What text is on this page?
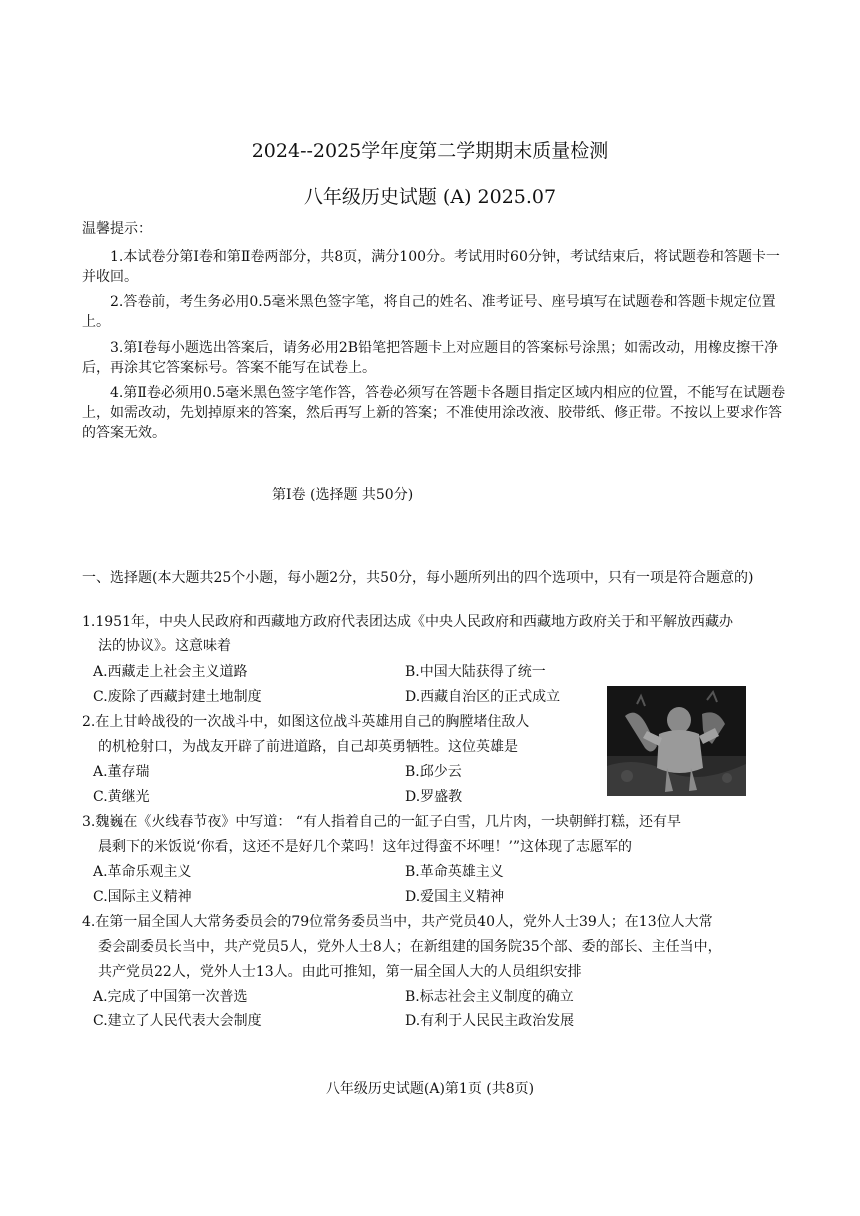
2024--2025学年度第二学期期末质量检测
八年级历史试题 (A) 2025.07
温馨提示：
1.本试卷分第Ⅰ卷和第Ⅱ卷两部分，共8页，满分100分。考试用时60分钟，考试结束后，将试题卷和答题卡一并收回。
2.答卷前，考生务必用0.5毫米黑色签字笔，将自己的姓名、准考证号、座号填写在试题卷和答题卡规定位置上。
3.第Ⅰ卷每小题选出答案后，请务必用2B铅笔把答题卡上对应题目的答案标号涂黑；如需改动，用橡皮擦干净后，再涂其它答案标号。答案不能写在试卷上。
4.第Ⅱ卷必须用0.5毫米黑色签字笔作答，答卷必须写在答题卡各题目指定区域内相应的位置，不能写在试题卷上，如需改动，先划掉原来的答案，然后再写上新的答案；不准使用涂改液、胶带纸、修正带。不按以上要求作答的答案无效。
第Ⅰ卷 (选择题 共50分)
一、选择题(本大题共25个小题，每小题2分，共50分，每小题所列出的四个选项中，只有一项是符合题意的)
1.1951年，中央人民政府和西藏地方政府代表团达成《中央人民政府和西藏地方政府关于和平解放西藏办
法的协议》。这意味着
A.西藏走上社会主义道路	B.中国大陆获得了统一
C.废除了西藏封建土地制度	D.西藏自治区的正式成立
2.在上甘岭战役的一次战斗中，如图这位战斗英雄用自己的胸膛堵住敌人
的机枪射口，为战友开辟了前进道路，自己却英勇牺牲。这位英雄是
A.董存瑞	B.邱少云
C.黄继光	D.罗盛教
3.魏巍在《火线春节夜》中写道： “有人指着自己的一缸子白雪，几片肉，一块朝鲜打糕，还有早
晨剩下的米饭说‘你看，这还不是好几个菜吗！这年过得蛮不坏哩！’”这体现了志愿军的
A.革命乐观主义	B.革命英雄主义
C.国际主义精神	D.爱国主义精神
4.在第一届全国人大常务委员会的79位常务委员当中，共产党员40人，党外人士39人；在13位人大常
委会副委员长当中，共产党员5人，党外人士8人；在新组建的国务院35个部、委的部长、主任当中，
共产党员22人，党外人士13人。由此可推知，第一届全国人大的人员组织安排
A.完成了中国第一次普选	B.标志社会主义制度的确立
C.建立了人民代表大会制度	D.有利于人民民主政治发展
八年级历史试题(A)第1页 (共8页)
